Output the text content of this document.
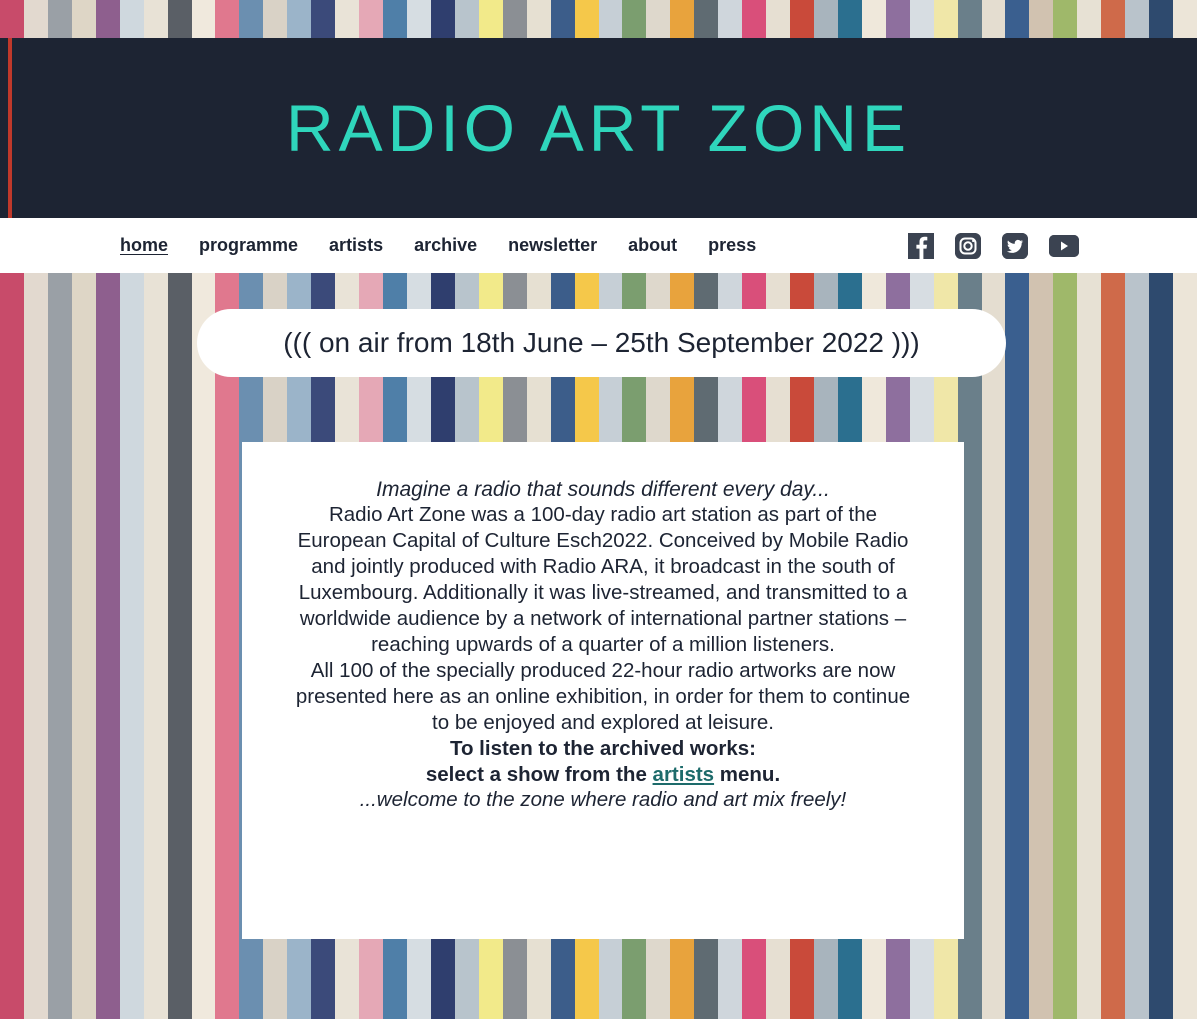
RADIO ART ZONE
home programme artists archive newsletter about press
((( on air from 18th June – 25th September 2022 )))

Imagine a radio that sounds different every day...

Radio Art Zone was a 100-day radio art station as part of the European Capital of Culture Esch2022. Conceived by Mobile Radio and jointly produced with Radio ARA, it broadcast in the south of Luxembourg. Additionally it was live-streamed, and transmitted to a worldwide audience by a network of international partner stations – reaching upwards of a quarter of a million listeners.

All 100 of the specially produced 22-hour radio artworks are now presented here as an online exhibition, in order for them to continue to be enjoyed and explored at leisure.

To listen to the archived works:
select a show from the artists menu.

...welcome to the zone where radio and art mix freely!
